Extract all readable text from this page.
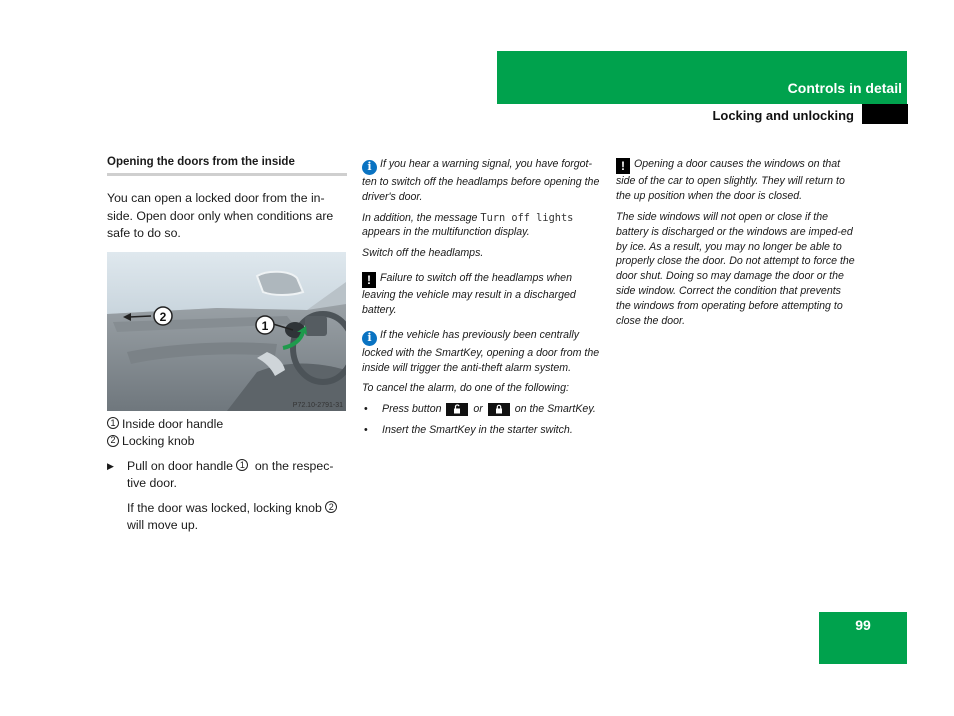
Controls in detail
Locking and unlocking
Opening the doors from the inside

You can open a locked door from the in-side. Open door only when conditions are safe to do so.

2
1
P72.10-2791-31
1 Inside door handle
2 Locking knob
▶	Pull on door handle 1 on the respec-tive door.
If the door was locked, locking knob 2 will move up.

i If you hear a warning signal, you have forgot-ten to switch off the headlamps before opening the driver's door.

In addition, the message Turn off lights appears in the multifunction display.

Switch off the headlamps.

! Failure to switch off the headlamps when leaving the vehicle may result in a discharged battery.

i If the vehicle has previously been centrally locked with the SmartKey, opening a door from the inside will trigger the anti-theft alarm system.

To cancel the alarm, do one of the following:

• Press button	or	on the SmartKey.
• Insert the SmartKey in the starter switch.

! Opening a door causes the windows on that side of the car to open slightly. They will return to the up position when the door is closed.

The side windows will not open or close if the battery is discharged or the windows are imped-ed by ice. As a result, you may no longer be able to properly close the door. Do not attempt to force the door shut. Doing so may damage the door or the side window. Correct the condition that prevents the windows from operating before attempting to close the door.

99
